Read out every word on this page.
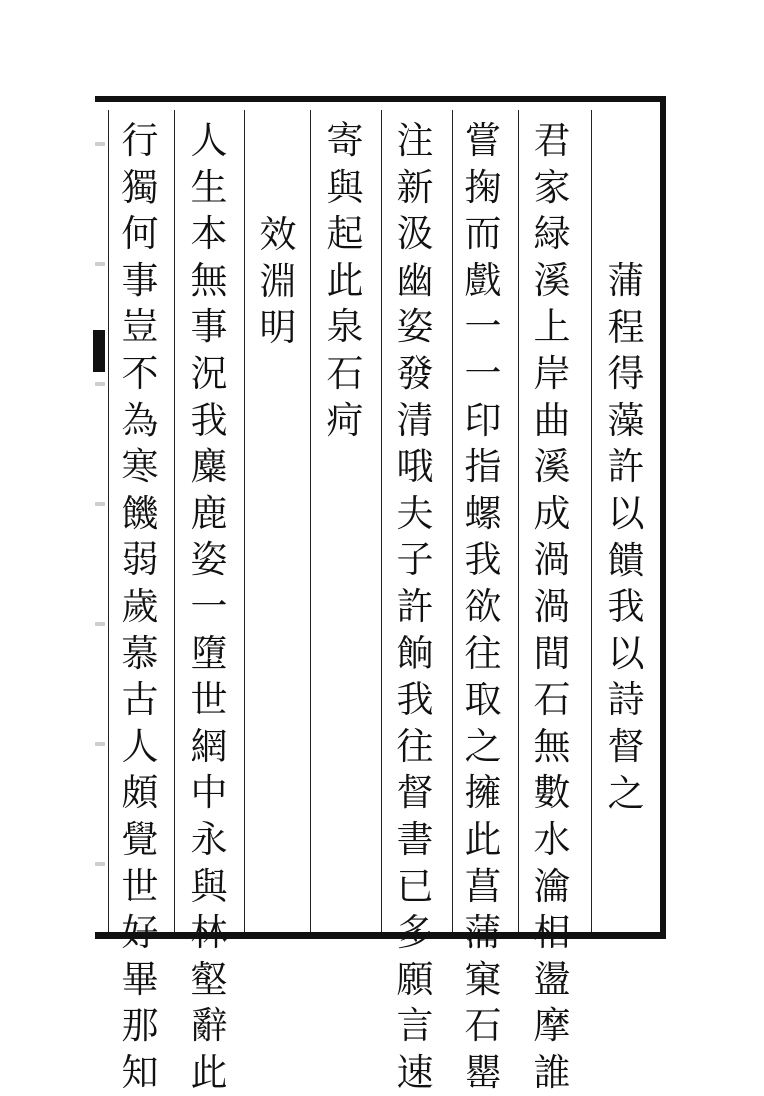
蒲
程
得
藻
許
以
饋
我
以
詩
督
之
君
家
緑
溪
上
岸
曲
溪
成
渦
渦
間
石
無
數
水
㵸
相
盪
摩
誰
嘗
掬
而
戲
一
一
印
指
螺
我
欲
往
取
之
擁
此
菖
蒲
窠
石
罌
注
新
汲
幽
姿
發
清
哦
夫
子
許
餉
我
往
督
書
已
多
願
言
速
寄
與
起
此
泉
石
疴
效
淵
明
人
生
本
無
事
況
我
麋
鹿
姿
一
墮
世
網
中
永
與
林
壑
辭
此
行
獨
何
事
豈
不
為
寒
饑
弱
歲
慕
古
人
頗
覺
世
好
畢
那
知
